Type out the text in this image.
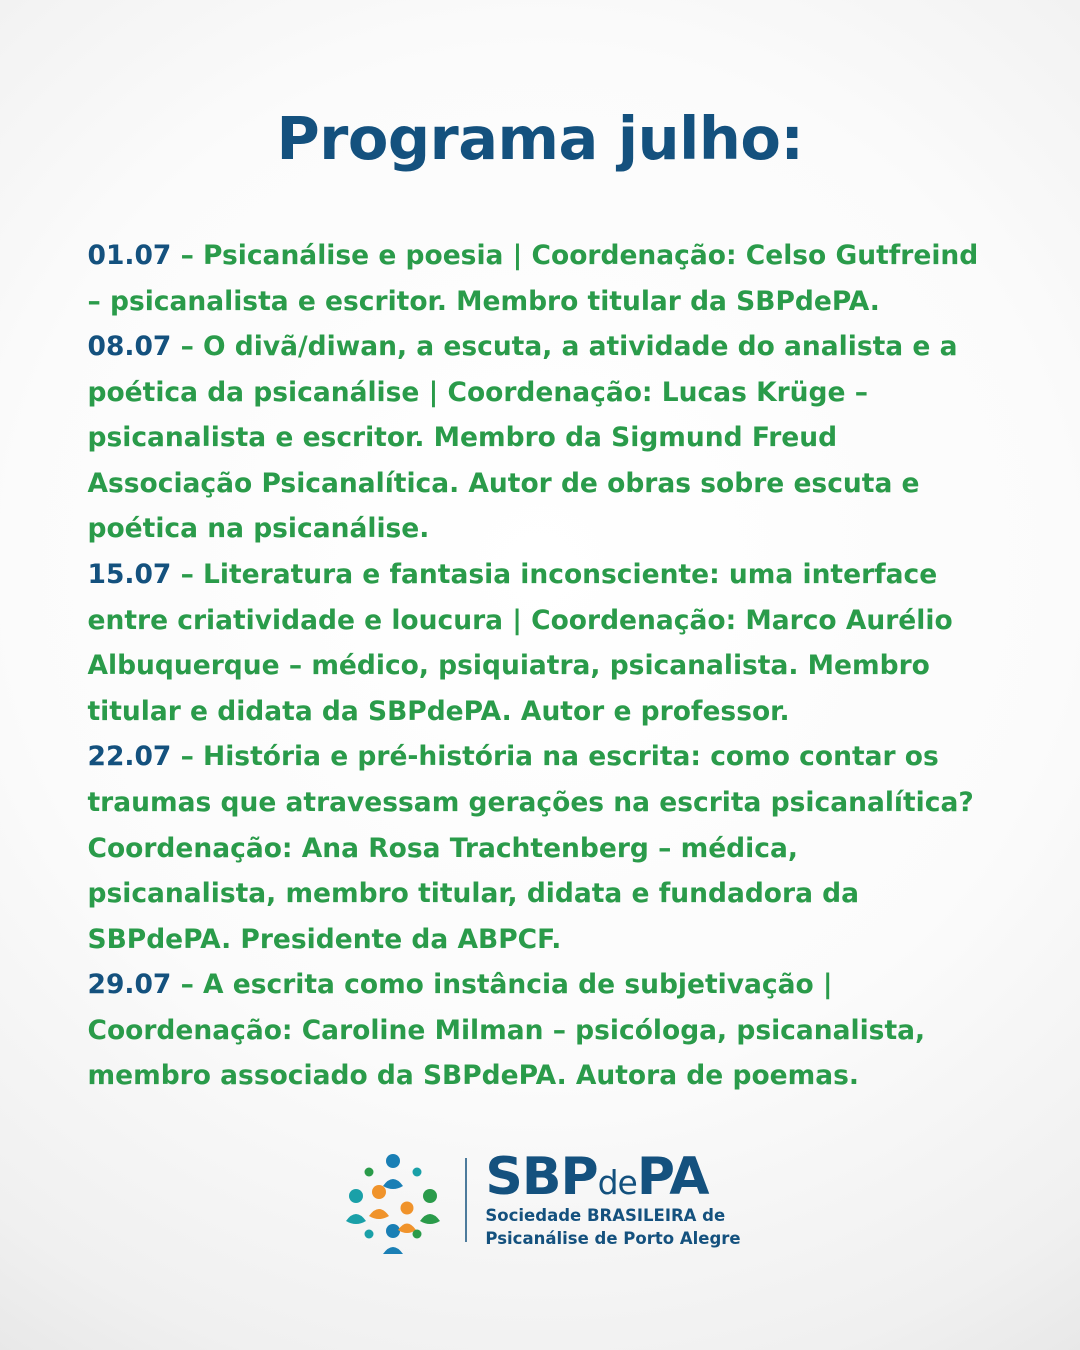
Programa julho:

01.07 – Psicanálise e poesia | Coordenação: Celso Gutfreind – psicanalista e escritor. Membro titular da SBPdePA.

08.07 – O divã/diwan, a escuta, a atividade do analista e a poética da psicanálise | Coordenação: Lucas Krüge – psicanalista e escritor. Membro da Sigmund Freud Associação Psicanalítica. Autor de obras sobre escuta e poética na psicanálise.

15.07 – Literatura e fantasia inconsciente: uma interface entre criatividade e loucura | Coordenação: Marco Aurélio Albuquerque – médico, psiquiatra, psicanalista. Membro titular e didata da SBPdePA. Autor e professor.

22.07 – História e pré-história na escrita: como contar os traumas que atravessam gerações na escrita psicanalítica? Coordenação: Ana Rosa Trachtenberg – médica, psicanalista, membro titular, didata e fundadora da SBPdePA. Presidente da ABPCF.

29.07 – A escrita como instância de subjetivação | Coordenação: Caroline Milman – psicóloga, psicanalista, membro associado da SBPdePA. Autora de poemas.

SBPdePA
Sociedade BRASILEIRA de
Psicanálise de Porto Alegre
